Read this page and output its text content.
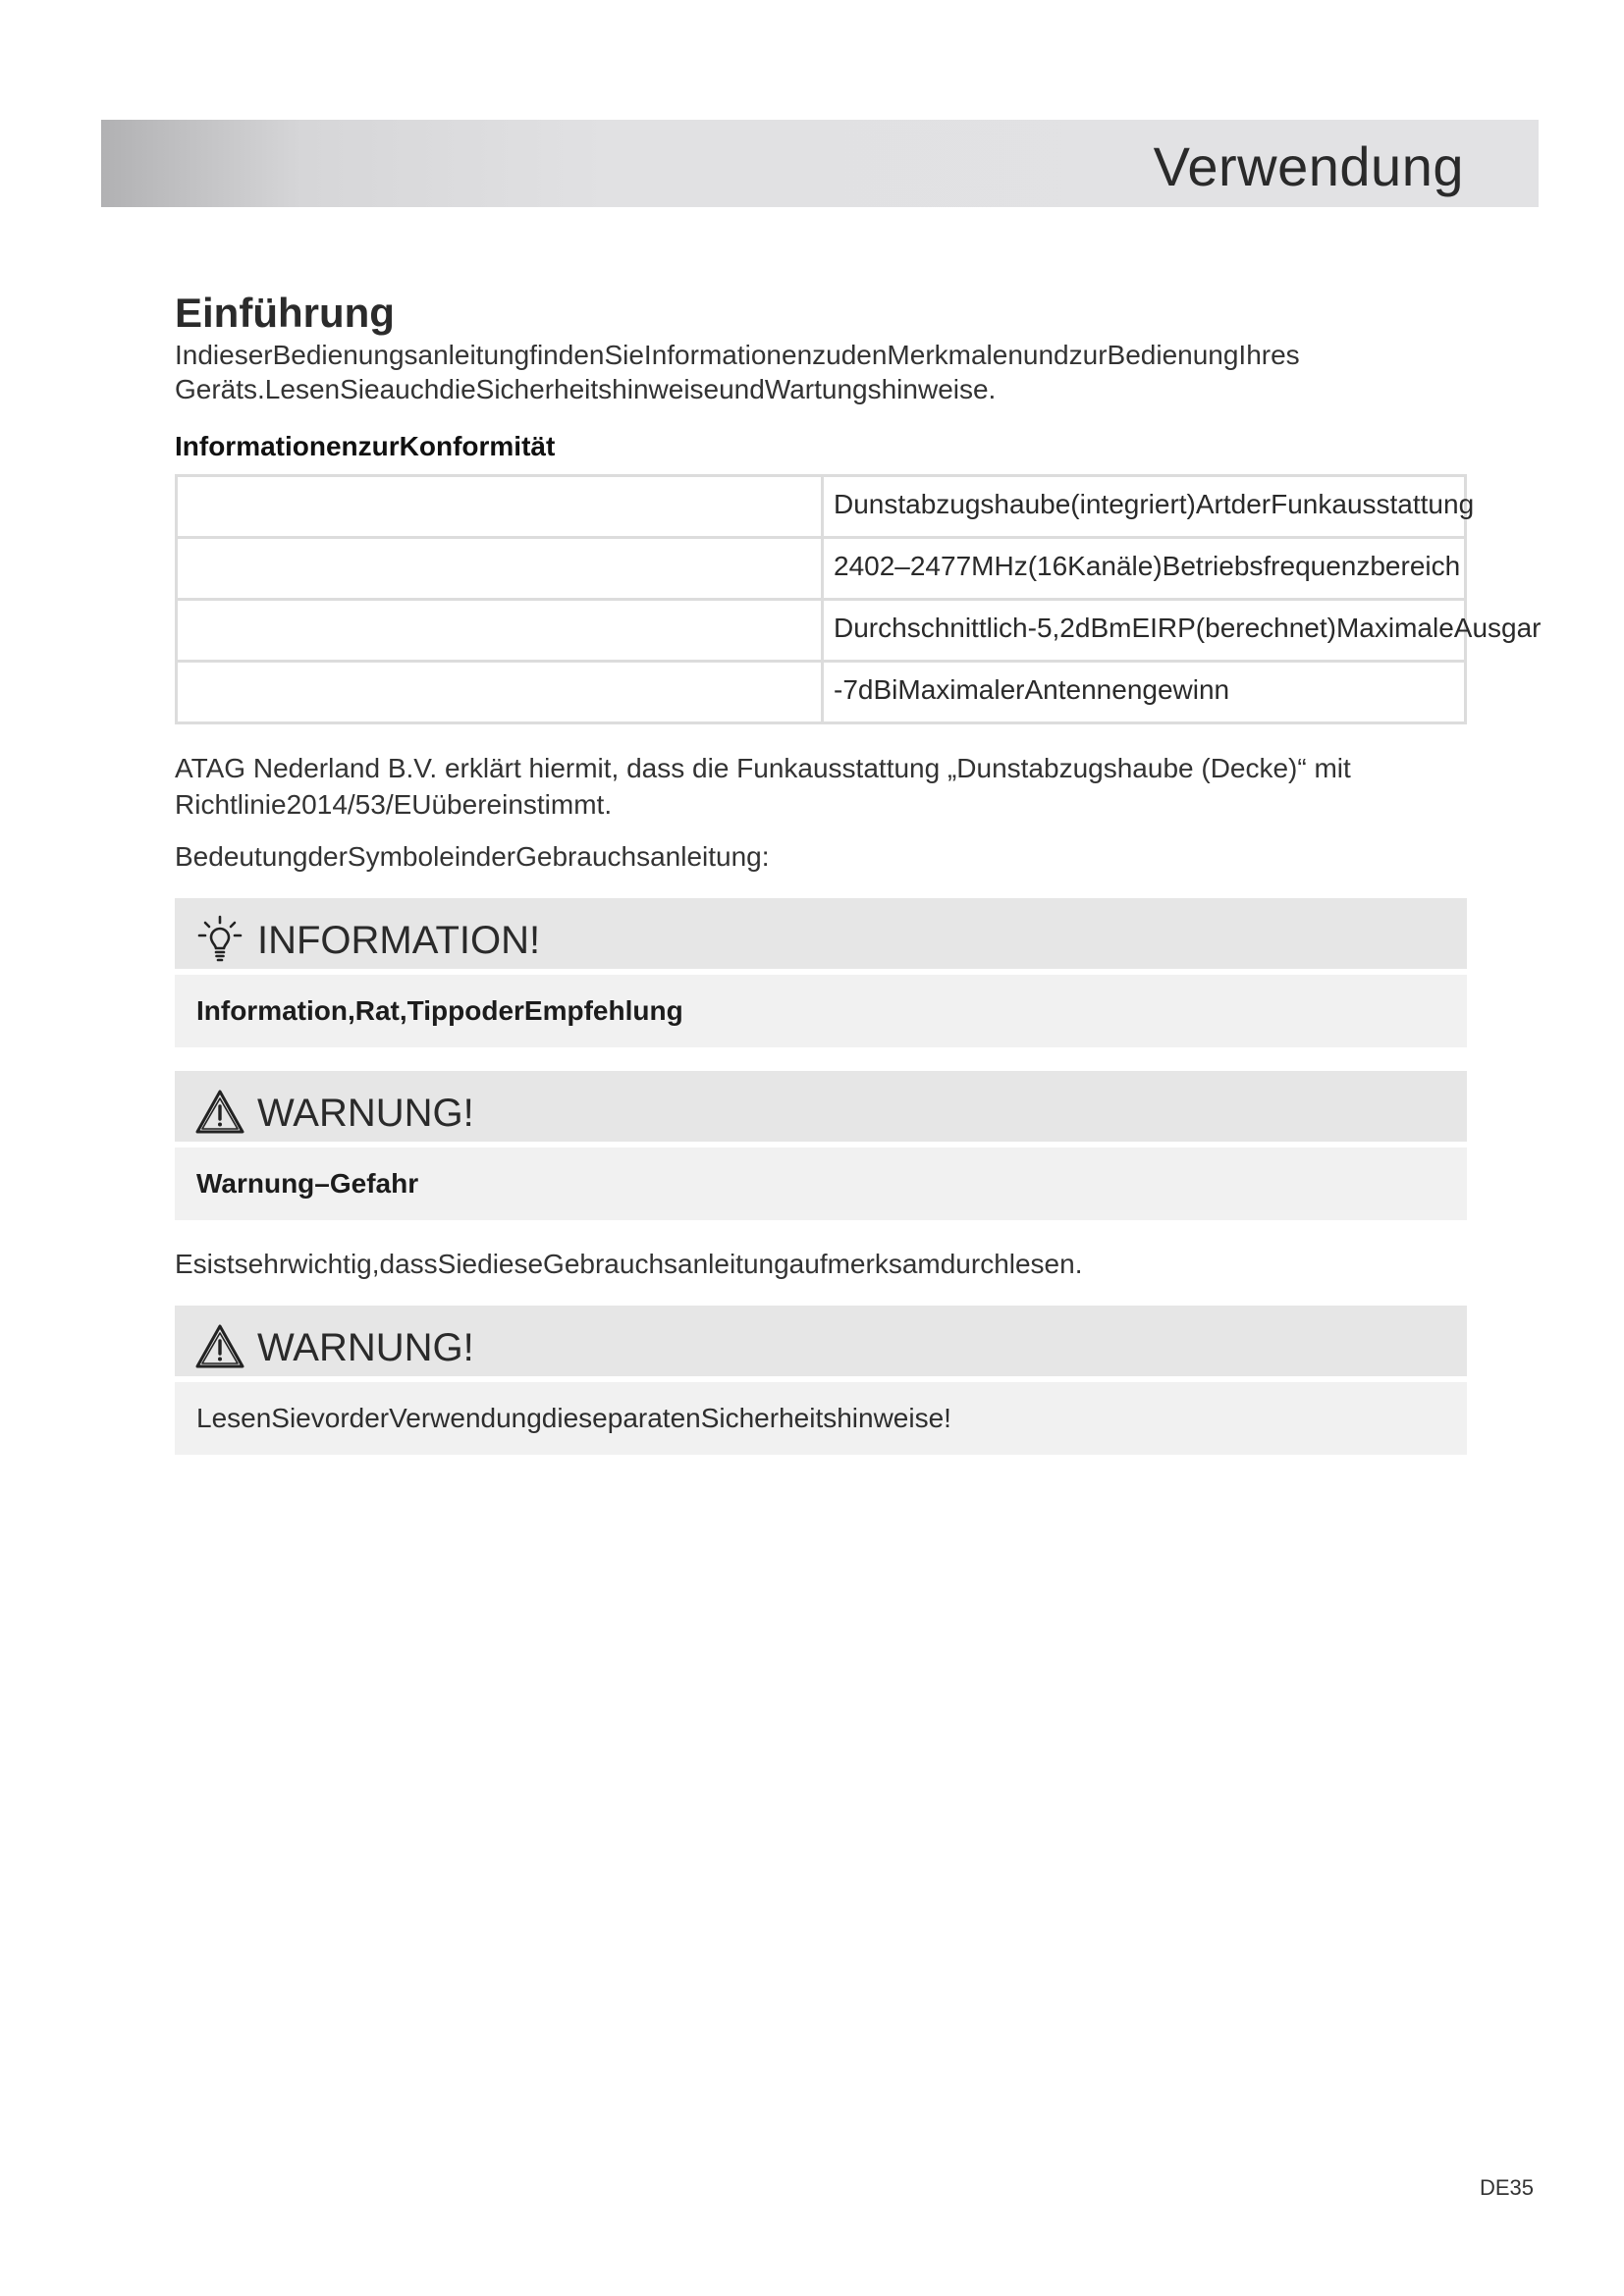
Verwendung
Einführung

IndieserBedienungsanleitungfindenSieInformationenzudenMerkmalenundzurBedienungIhres Geräts.LesenSieauchdieSicherheitshinweiseundWartungshinweise.

InformationenzurKonformität
Dunstabzugshaube(integriert)ArtderFunkausstattung
2402–2477MHz(16Kanäle)Betriebsfrequenzbereich
Durchschnittlich-5,2dBmEIRP(berechnet)MaximaleAusgar
-7dBiMaximalerAntennengewinn

ATAG Nederland B.V. erklärt hiermit, dass die Funkausstattung „Dunstabzugshaube (Decke)“ mit Richtlinie2014/53/EUübereinstimmt.

BedeutungderSymboleinderGebrauchsanleitung:

INFORMATION!
Information,Rat,TippoderEmpfehlung
WARNUNG!
Warnung–Gefahr

Esistsehrwichtig,dassSiedieseGebrauchsanleitungaufmerksamdurchlesen.

WARNUNG!
LesenSievorderVerwendungdieseparatenSicherheitshinweise!
DE35
